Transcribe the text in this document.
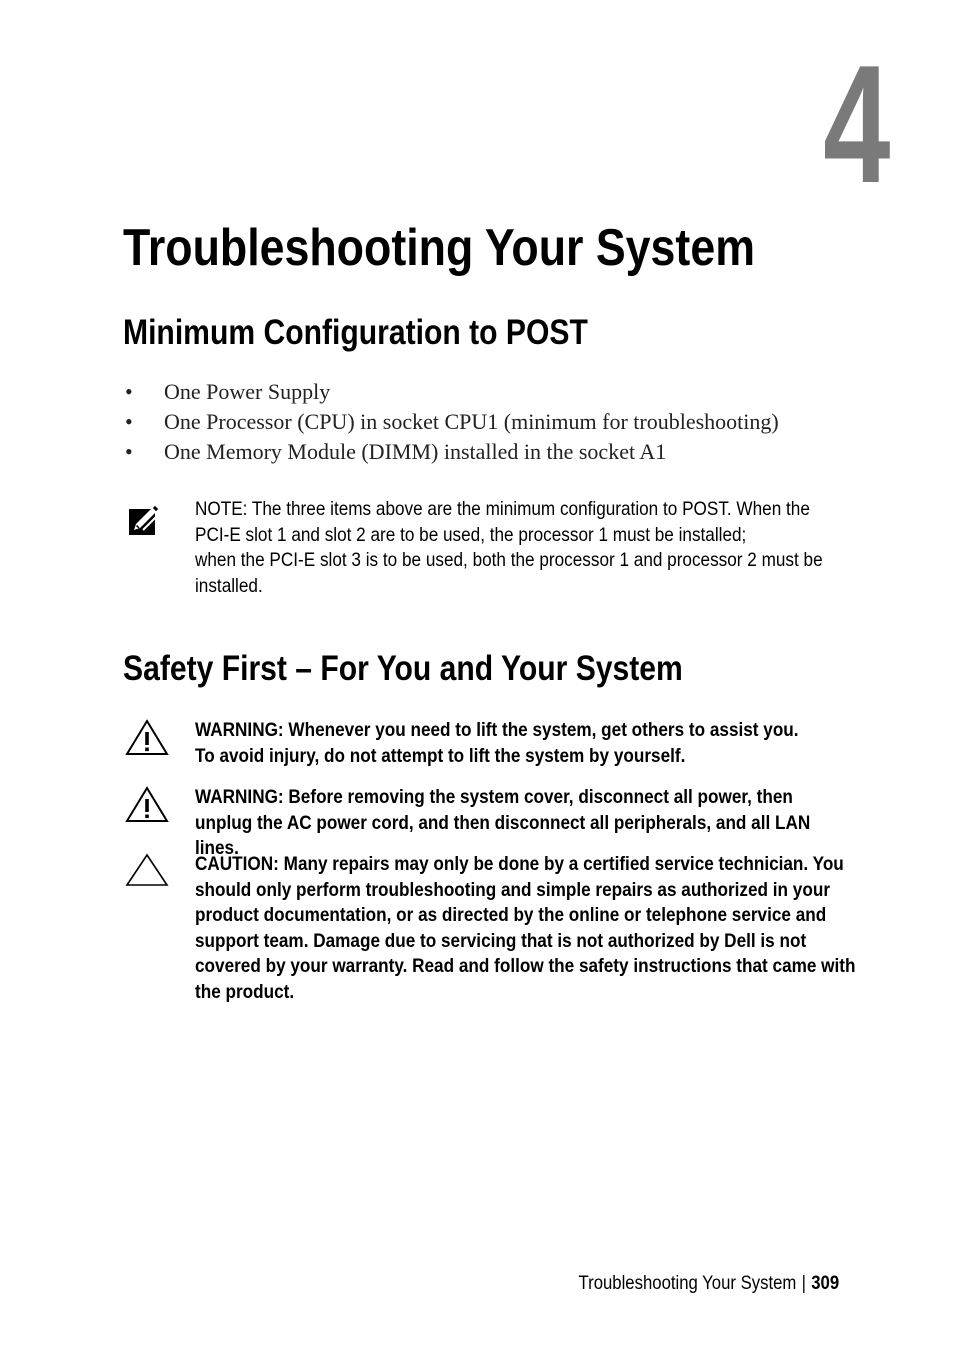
4
Troubleshooting Your System
Minimum Configuration to POST
• One Power Supply
• One Processor (CPU) in socket CPU1 (minimum for troubleshooting)
• One Memory Module (DIMM) installed in the socket A1
NOTE: The three items above are the minimum configuration to POST. When the
PCI-E slot 1 and slot 2 are to be used, the processor 1 must be installed;
when the PCI-E slot 3 is to be used, both the processor 1 and processor 2 must be
installed.
Safety First – For You and Your System
WARNING: Whenever you need to lift the system, get others to assist you. To avoid injury, do not attempt to lift the system by yourself.
WARNING: Before removing the system cover, disconnect all power, then unplug the AC power cord, and then disconnect all peripherals, and all LAN lines.
CAUTION: Many repairs may only be done by a certified service technician. You should only perform troubleshooting and simple repairs as authorized in your product documentation, or as directed by the online or telephone service and support team. Damage due to servicing that is not authorized by Dell is not covered by your warranty. Read and follow the safety instructions that came with the product.
Troubleshooting Your System | 309
